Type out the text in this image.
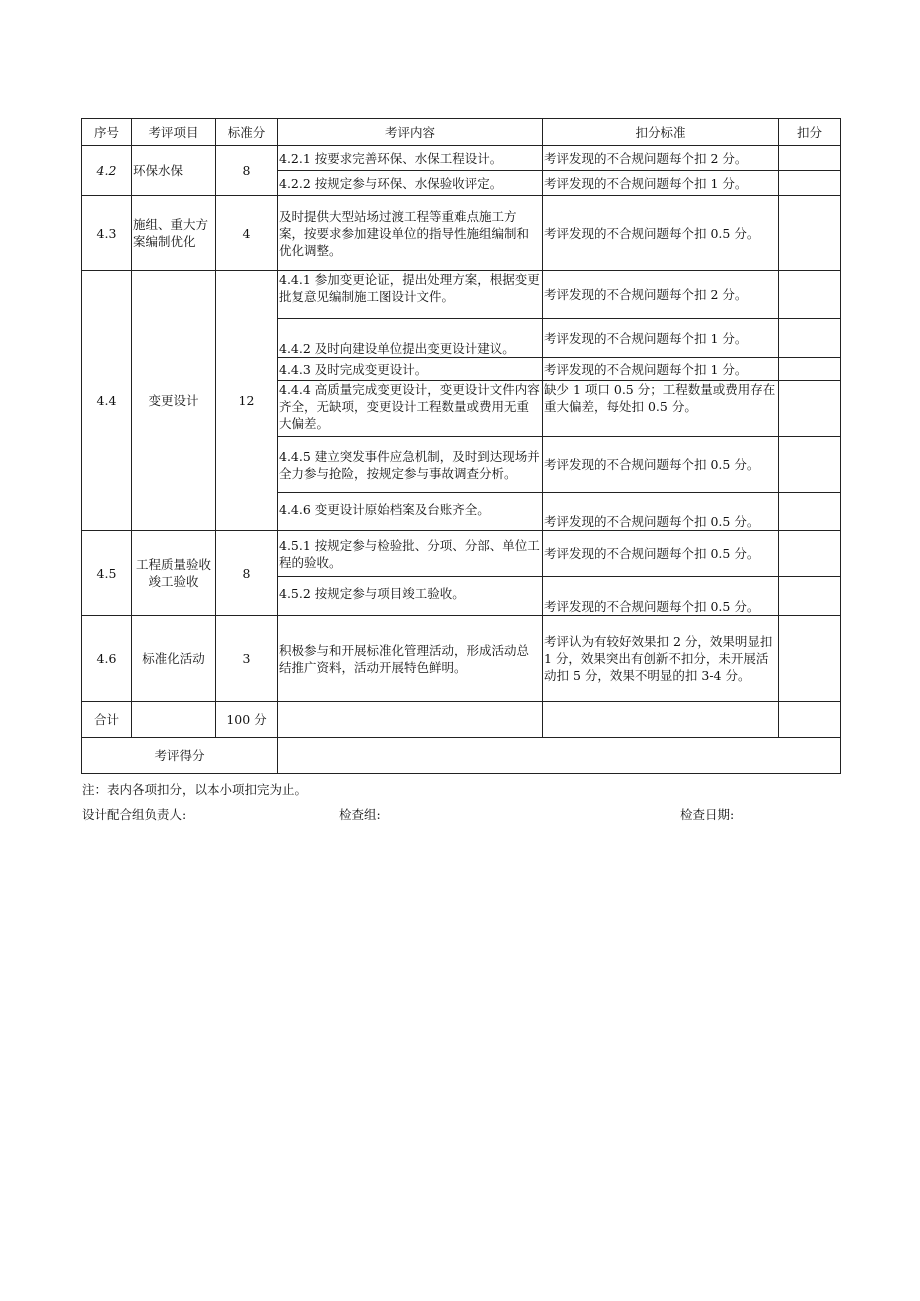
序号	考评项目	标准分	考评内容	扣分标准	扣分
4.2	环保水保	8	4.2.1 按要求完善环保、水保工程设计。	考评发现的不合规问题每个扣 2 分。	
			4.2.2 按规定参与环保、水保验收评定。	考评发现的不合规问题每个扣 1 分。	
4.3	施组、重大方案编制优化	4	及时提供大型站场过渡工程等重难点施工方案，按要求参加建设单位的指导性施组编制和优化调整。	考评发现的不合规问题每个扣 0.5 分。	
4.4	变更设计	12	4.4.1 参加变更论证，提出处理方案，根据变更批复意见编制施工图设计文件。	考评发现的不合规问题每个扣 2 分。	
			4.4.2 及时向建设单位提出变更设计建议。	考评发现的不合规问题每个扣 1 分。	
			4.4.3 及时完成变更设计。	考评发现的不合规问题每个扣 1 分。	
			4.4.4 高质量完成变更设计，变更设计文件内容齐全，无缺项，变更设计工程数量或费用无重大偏差。	缺少 1 项口 0.5 分；工程数量或费用存在重大偏差，每处扣 0.5 分。	
			4.4.5 建立突发事件应急机制，及时到达现场并全力参与抢险，按规定参与事故调查分析。	考评发现的不合规问题每个扣 0.5 分。	
			4.4.6 变更设计原始档案及台账齐全。	考评发现的不合规问题每个扣 0.5 分。	
4.5	工程质量验收竣工验收	8	4.5.1 按规定参与检验批、分项、分部、单位工程的验收。	考评发现的不合规问题每个扣 0.5 分。	
			4.5.2 按规定参与项目竣工验收。	考评发现的不合规问题每个扣 0.5 分。	
4.6	标准化活动	3	积极参与和开展标准化管理活动，形成活动总结推广资料，活动开展特色鲜明。	考评认为有较好效果扣 2 分，效果明显扣 1 分，效果突出有创新不扣分，未开展活动扣 5 分，效果不明显的扣 3-4 分。	
合计		100 分			
考评得分					
注：表内各项扣分，以本小项扣完为止。
设计配合组负责人:	检查组:	检查日期:
